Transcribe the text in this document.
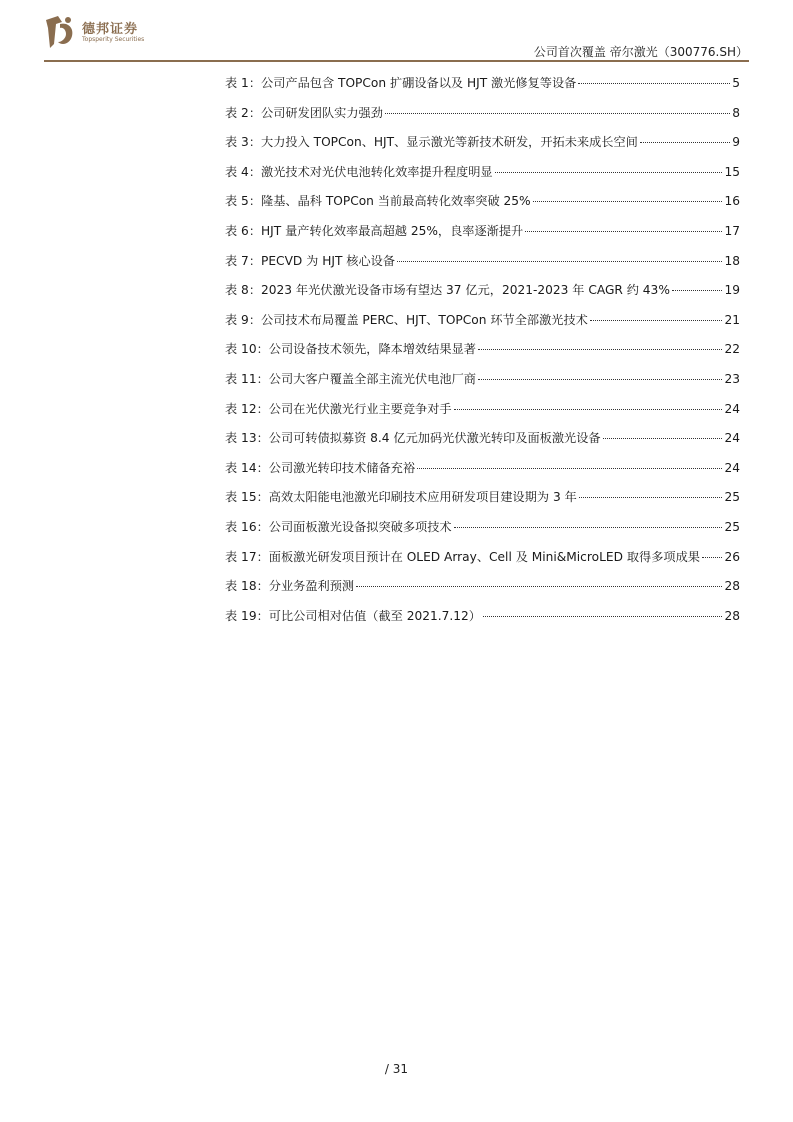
德邦证券
Topsperity Securities
公司首次覆盖 帝尔激光（300776.SH）
表 1：公司产品包含 TOPCon 扩硼设备以及 HJT 激光修复等设备	5
表 2：公司研发团队实力强劲	8
表 3：大力投入 TOPCon、HJT、显示激光等新技术研发，开拓未来成长空间	9
表 4：激光技术对光伏电池转化效率提升程度明显	15
表 5：隆基、晶科 TOPCon 当前最高转化效率突破 25%	16
表 6：HJT 量产转化效率最高超越 25%，良率逐渐提升	17
表 7：PECVD 为 HJT 核心设备	18
表 8：2023 年光伏激光设备市场有望达 37 亿元，2021-2023 年 CAGR 约 43%	19
表 9：公司技术布局覆盖 PERC、HJT、TOPCon 环节全部激光技术	21
表 10：公司设备技术领先，降本增效结果显著	22
表 11：公司大客户覆盖全部主流光伏电池厂商	23
表 12：公司在光伏激光行业主要竞争对手	24
表 13：公司可转债拟募资 8.4 亿元加码光伏激光转印及面板激光设备	24
表 14：公司激光转印技术储备充裕	24
表 15：高效太阳能电池激光印刷技术应用研发项目建设期为 3 年	25
表 16：公司面板激光设备拟突破多项技术	25
表 17：面板激光研发项目预计在 OLED Array、Cell 及 Mini&MicroLED 取得多项成果 26
表 18：分业务盈利预测	28
表 19：可比公司相对估值（截至 2021.7.12）	28
/ 31
